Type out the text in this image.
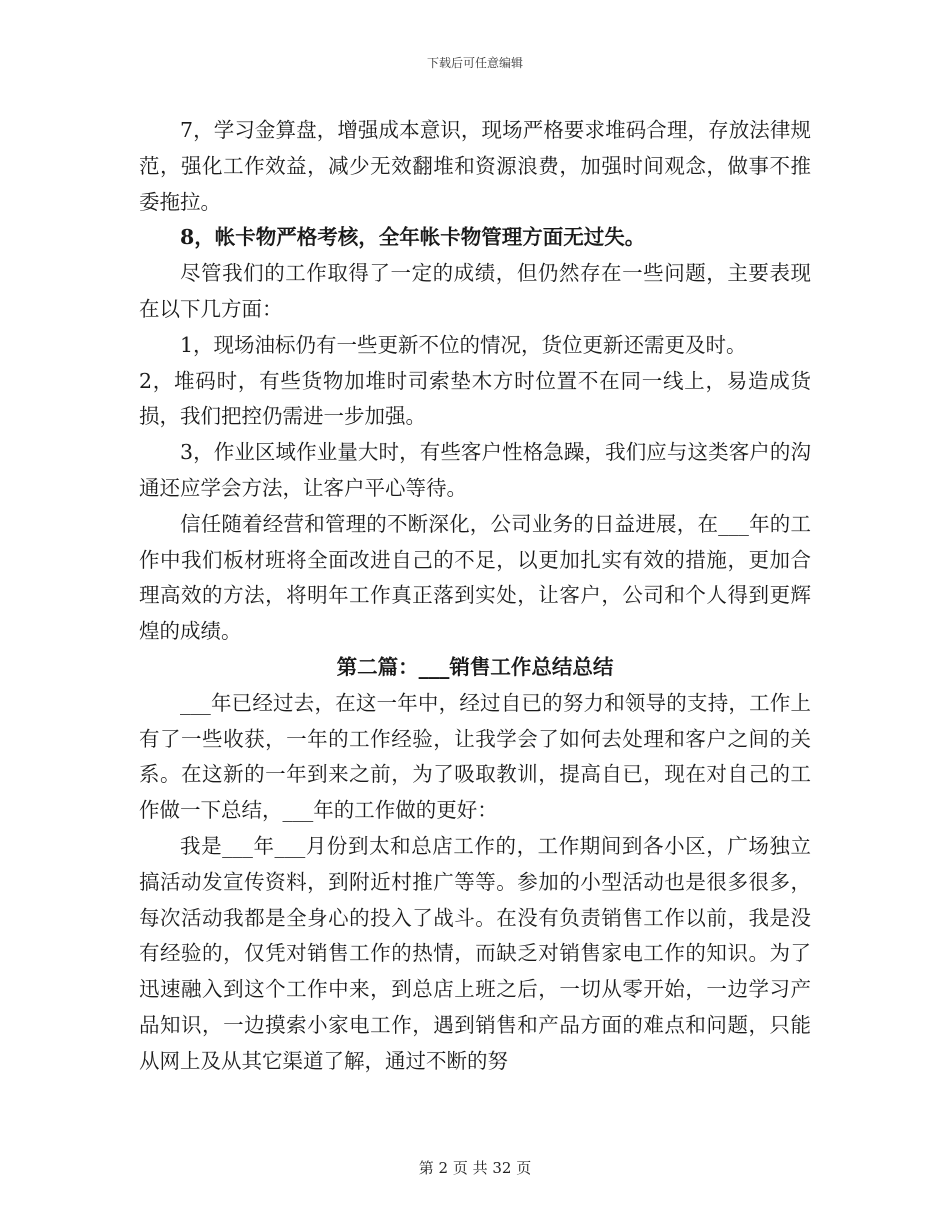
下载后可任意编辑

7，学习金算盘，增强成本意识，现场严格要求堆码合理，存放法律规范，强化工作效益，减少无效翻堆和资源浪费，加强时间观念，做事不推委拖拉。

8，帐卡物严格考核，全年帐卡物管理方面无过失。

尽管我们的工作取得了一定的成绩，但仍然存在一些问题，主要表现在以下几方面：

1，现场油标仍有一些更新不位的情况，货位更新还需更及时。

2，堆码时，有些货物加堆时司索垫木方时位置不在同一线上，易造成货损，我们把控仍需进一步加强。

3，作业区域作业量大时，有些客户性格急躁，我们应与这类客户的沟通还应学会方法，让客户平心等待。

信任随着经营和管理的不断深化，公司业务的日益进展，在___年的工作中我们板材班将全面改进自己的不足，以更加扎实有效的措施，更加合理高效的方法，将明年工作真正落到实处，让客户，公司和个人得到更辉煌的成绩。

第二篇：___销售工作总结总结

___年已经过去，在这一年中，经过自已的努力和领导的支持，工作上有了一些收获，一年的工作经验，让我学会了如何去处理和客户之间的关系。在这新的一年到来之前，为了吸取教训，提高自已，现在对自己的工作做一下总结，___年的工作做的更好：

我是___年___月份到太和总店工作的，工作期间到各小区，广场独立搞活动发宣传资料，到附近村推广等等。参加的小型活动也是很多很多，每次活动我都是全身心的投入了战斗。在没有负责销售工作以前，我是没有经验的，仅凭对销售工作的热情，而缺乏对销售家电工作的知识。为了迅速融入到这个工作中来，到总店上班之后，一切从零开始，一边学习产品知识，一边摸索小家电工作，遇到销售和产品方面的难点和问题，只能从网上及从其它渠道了解，通过不断的努

第 2 页 共 32 页
